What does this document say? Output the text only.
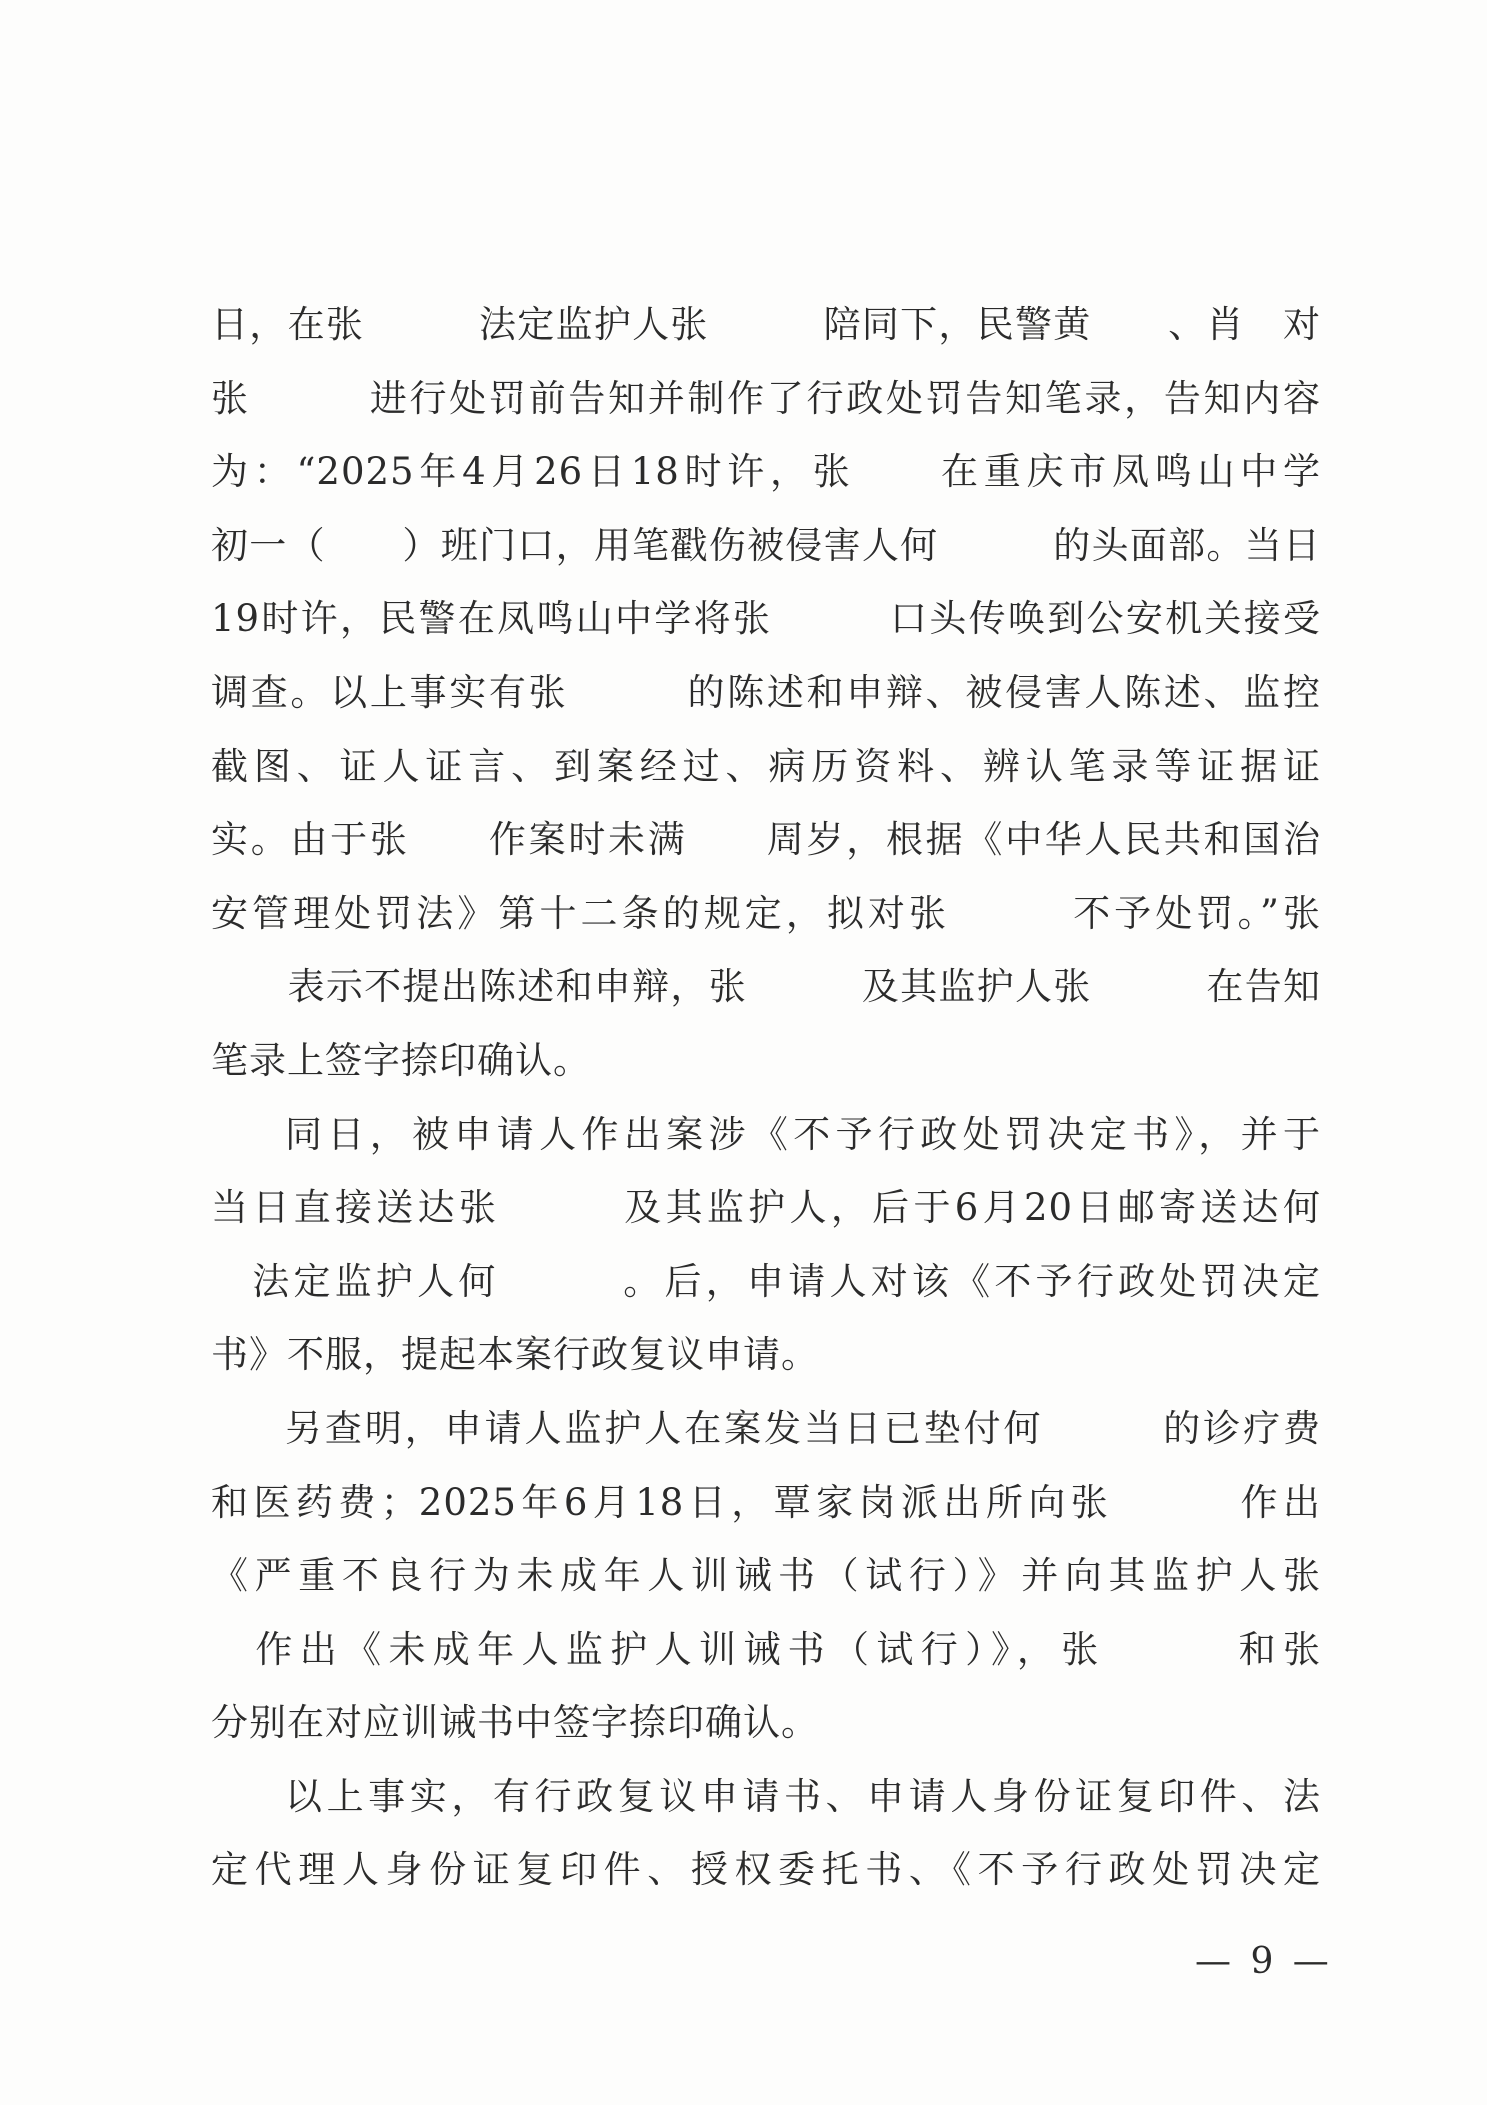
日，在张　　　法定监护人张　　　陪同下，民警黄　　、肖　对
张　　　进行处罚前告知并制作了行政处罚告知笔录，告知内容
为：“2025年4月26日18时许，张　　在重庆市凤鸣山中学
初一（　　）班门口，用笔戳伤被侵害人何　　　的头面部。当日
19时许，民警在凤鸣山中学将张　　　口头传唤到公安机关接受
调查。以上事实有张　　　的陈述和申辩、被侵害人陈述、监控
截图、证人证言、到案经过、病历资料、辨认笔录等证据证
实。由于张　　作案时未满　　周岁，根据《中华人民共和国治
安管理处罚法》第十二条的规定，拟对张　　　不予处罚。”张
　　表示不提出陈述和申辩，张　　　及其监护人张　　　在告知
笔录上签字捺印确认。
同日，被申请人作出案涉《不予行政处罚决定书》，并于
当日直接送达张　　　及其监护人，后于6月20日邮寄送达何
　法定监护人何　　　。后，申请人对该《不予行政处罚决定
书》不服，提起本案行政复议申请。
另查明，申请人监护人在案发当日已垫付何　　　的诊疗费
和医药费；2025年6月18日，覃家岗派出所向张　　　作出
《严重不良行为未成年人训诫书（试行）》并向其监护人张
　作出《未成年人监护人训诫书（试行）》，张　　　和张
分别在对应训诫书中签字捺印确认。
以上事实，有行政复议申请书、申请人身份证复印件、法
定代理人身份证复印件、授权委托书、《不予行政处罚决定
— 9 —
